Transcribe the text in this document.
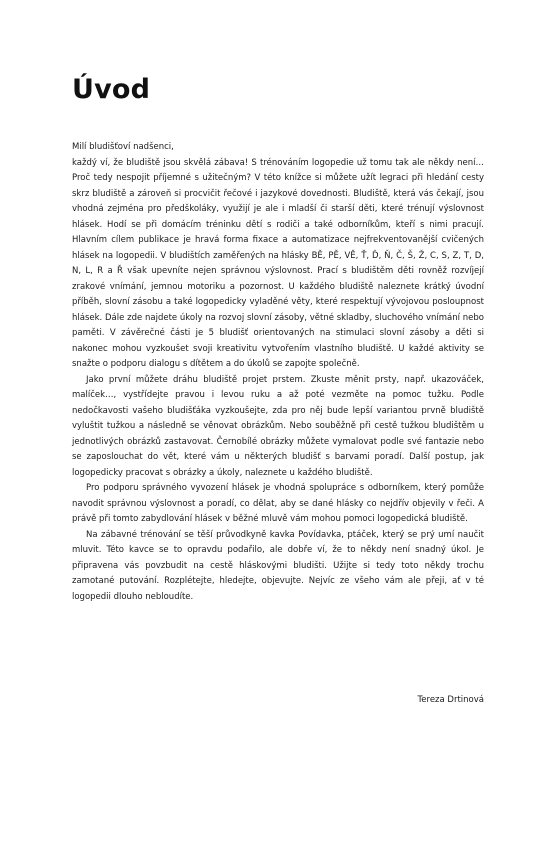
Úvod

Milí bludišťoví nadšenci,

každý ví, že bludiště jsou skvělá zábava! S trénováním logopedie už tomu tak ale někdy není… Proč tedy nespojit příjemné s užitečným? V této knížce si můžete užít legraci při hledání cesty skrz bludiště a zároveň si procvičit řečové i jazykové dovednosti. Bludiště, která vás čekají, jsou vhodná zejména pro předškoláky, využijí je ale i mladší či starší děti, které trénují výslovnost hlásek. Hodí se při domácím tréninku dětí s rodiči a také odborníkům, kteří s nimi pracují. Hlavním cílem publikace je hravá forma fixace a automatizace nejfrekventovanější cvičených hlásek na logopedii. V bludištích zaměřených na hlásky BĚ, PĚ, VĚ, Ť, Ď, Ň, Č, Š, Ž, C, S, Z, T, D, N, L, R a Ř však upevníte nejen správnou výslovnost. Prací s bludištěm děti rovněž rozvíjejí zrakové vnímání, jemnou motoriku a pozornost. U každého bludiště naleznete krátký úvodní příběh, slovní zásobu a také logopedicky vyladěné věty, které respektují vývojovou posloupnost hlásek. Dále zde najdete úkoly na rozvoj slovní zásoby, větné skladby, sluchového vnímání nebo paměti. V závěrečné části je 5 bludišť orientovaných na stimulaci slovní zásoby a děti si nakonec mohou vyzkoušet svoji kreativitu vytvořením vlastního bludiště. U každé aktivity se snažte o podporu dialogu s dítětem a do úkolů se zapojte společně.

Jako první můžete dráhu bludiště projet prstem. Zkuste měnit prsty, např. ukazováček, malíček…, vystřídejte pravou i levou ruku a až poté vezměte na pomoc tužku. Podle nedočkavosti vašeho bludišťáka vyzkoušejte, zda pro něj bude lepší variantou prvně bludiště vyluštit tužkou a následně se věnovat obrázkům. Nebo souběžně při cestě tužkou bludištěm u jednotlivých obrázků zastavovat. Černobílé obrázky můžete vymalovat podle své fantazie nebo se zaposlouchat do vět, které vám u některých bludišť s barvami poradí. Další postup, jak logopedicky pracovat s obrázky a úkoly, naleznete u každého bludiště.

Pro podporu správného vyvození hlásek je vhodná spolupráce s odborníkem, který pomůže navodit správnou výslovnost a poradí, co dělat, aby se dané hlásky co nejdřív objevily v řeči. A právě při tomto zabydlování hlásek v běžné mluvě vám mohou pomoci logopedická bludiště.

Na zábavné trénování se těší průvodkyně kavka Povídavka, ptáček, který se prý umí naučit mluvit. Této kavce se to opravdu podařilo, ale dobře ví, že to někdy není snadný úkol. Je připravena vás povzbudit na cestě hláskovými bludišti. Užijte si tedy toto někdy trochu zamotané putování. Rozplétejte, hledejte, objevujte. Nejvíc ze všeho vám ale přeji, ať v té logopedii dlouho nebloudíte.

Tereza Drtinová
